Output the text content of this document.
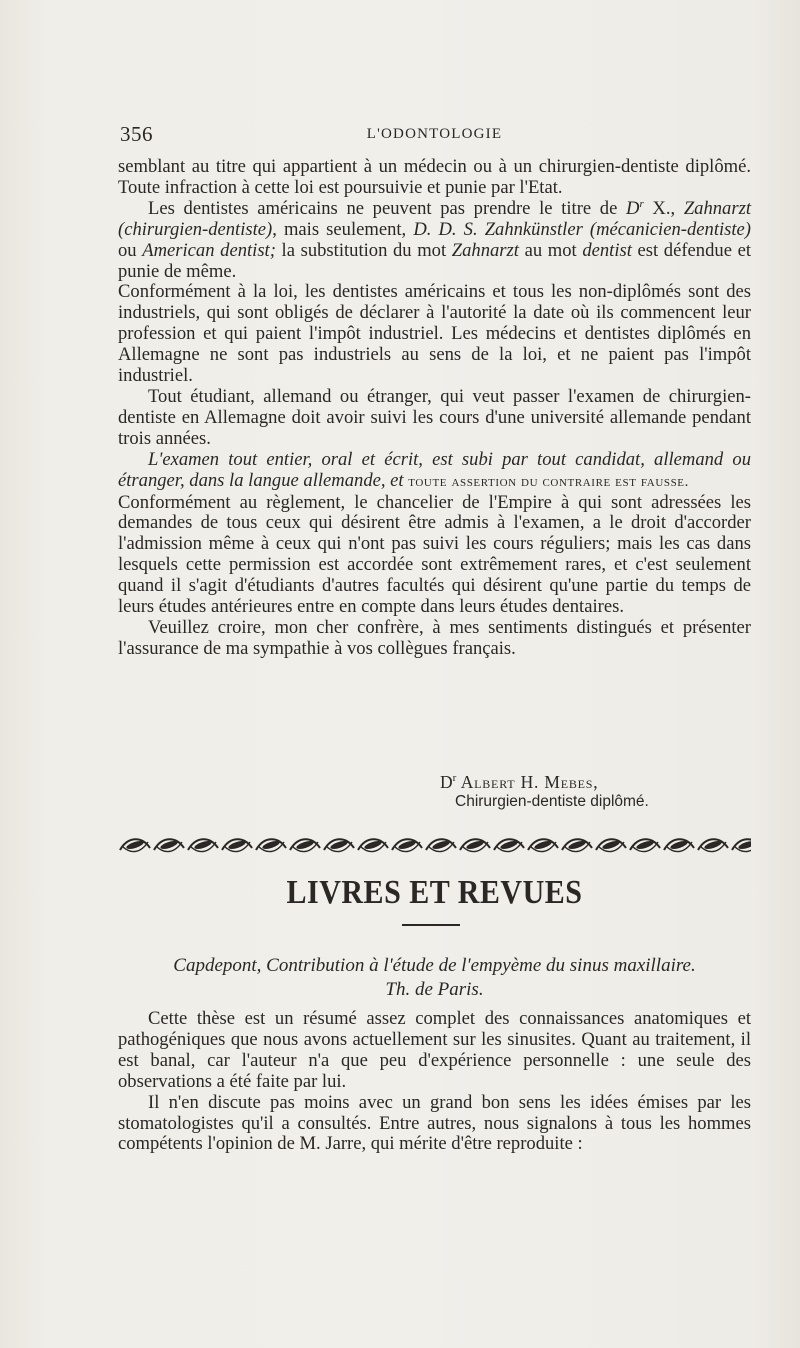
356	L'ODONTOLOGIE

semblant au titre qui appartient à un médecin ou à un chirurgien-dentiste diplômé. Toute infraction à cette loi est poursuivie et punie par l'Etat.

Les dentistes américains ne peuvent pas prendre le titre de $D^r$ X., Zahnarzt (chirurgien-dentiste), mais seulement, D. D. S. Zahnkünstler (mécanicien-dentiste) ou American dentist; la substitution du mot Zahnarzt au mot dentist est défendue et punie de même.

Conformément à la loi, les dentistes américains et tous les non-diplômés sont des industriels, qui sont obligés de déclarer à l'autorité la date où ils commencent leur profession et qui paient l'impôt industriel. Les médecins et dentistes diplômés en Allemagne ne sont pas industriels au sens de la loi, et ne paient pas l'impôt industriel.

Tout étudiant, allemand ou étranger, qui veut passer l'examen de chirurgien-dentiste en Allemagne doit avoir suivi les cours d'une université allemande pendant trois années.

L'examen tout entier, oral et écrit, est subi par tout candidat, allemand ou étranger, dans la langue allemande, et toute assertion du contraire est fausse.

Conformément au règlement, le chancelier de l'Empire à qui sont adressées les demandes de tous ceux qui désirent être admis à l'examen, a le droit d'accorder l'admission même à ceux qui n'ont pas suivi les cours réguliers; mais les cas dans lesquels cette permission est accordée sont extrêmement rares, et c'est seulement quand il s'agit d'étudiants d'autres facultés qui désirent qu'une partie du temps de leurs études antérieures entre en compte dans leurs études dentaires.

Veuillez croire, mon cher confrère, à mes sentiments distingués et présenter l'assurance de ma sympathie à vos collègues français.

$D^r$ Albert H. Mebes,
Chirurgien-dentiste diplômé.
LIVRES ET REVUES
Capdepont, Contribution à l'étude de l'empyème du sinus maxillaire.
Th. de Paris.

Cette thèse est un résumé assez complet des connaissances anatomiques et pathogéniques que nous avons actuellement sur les sinusites. Quant au traitement, il est banal, car l'auteur n'a que peu d'expérience personnelle : une seule des observations a été faite par lui.

Il n'en discute pas moins avec un grand bon sens les idées émises par les stomatologistes qu'il a consultés. Entre autres, nous signalons à tous les hommes compétents l'opinion de M. Jarre, qui mérite d'être reproduite :
